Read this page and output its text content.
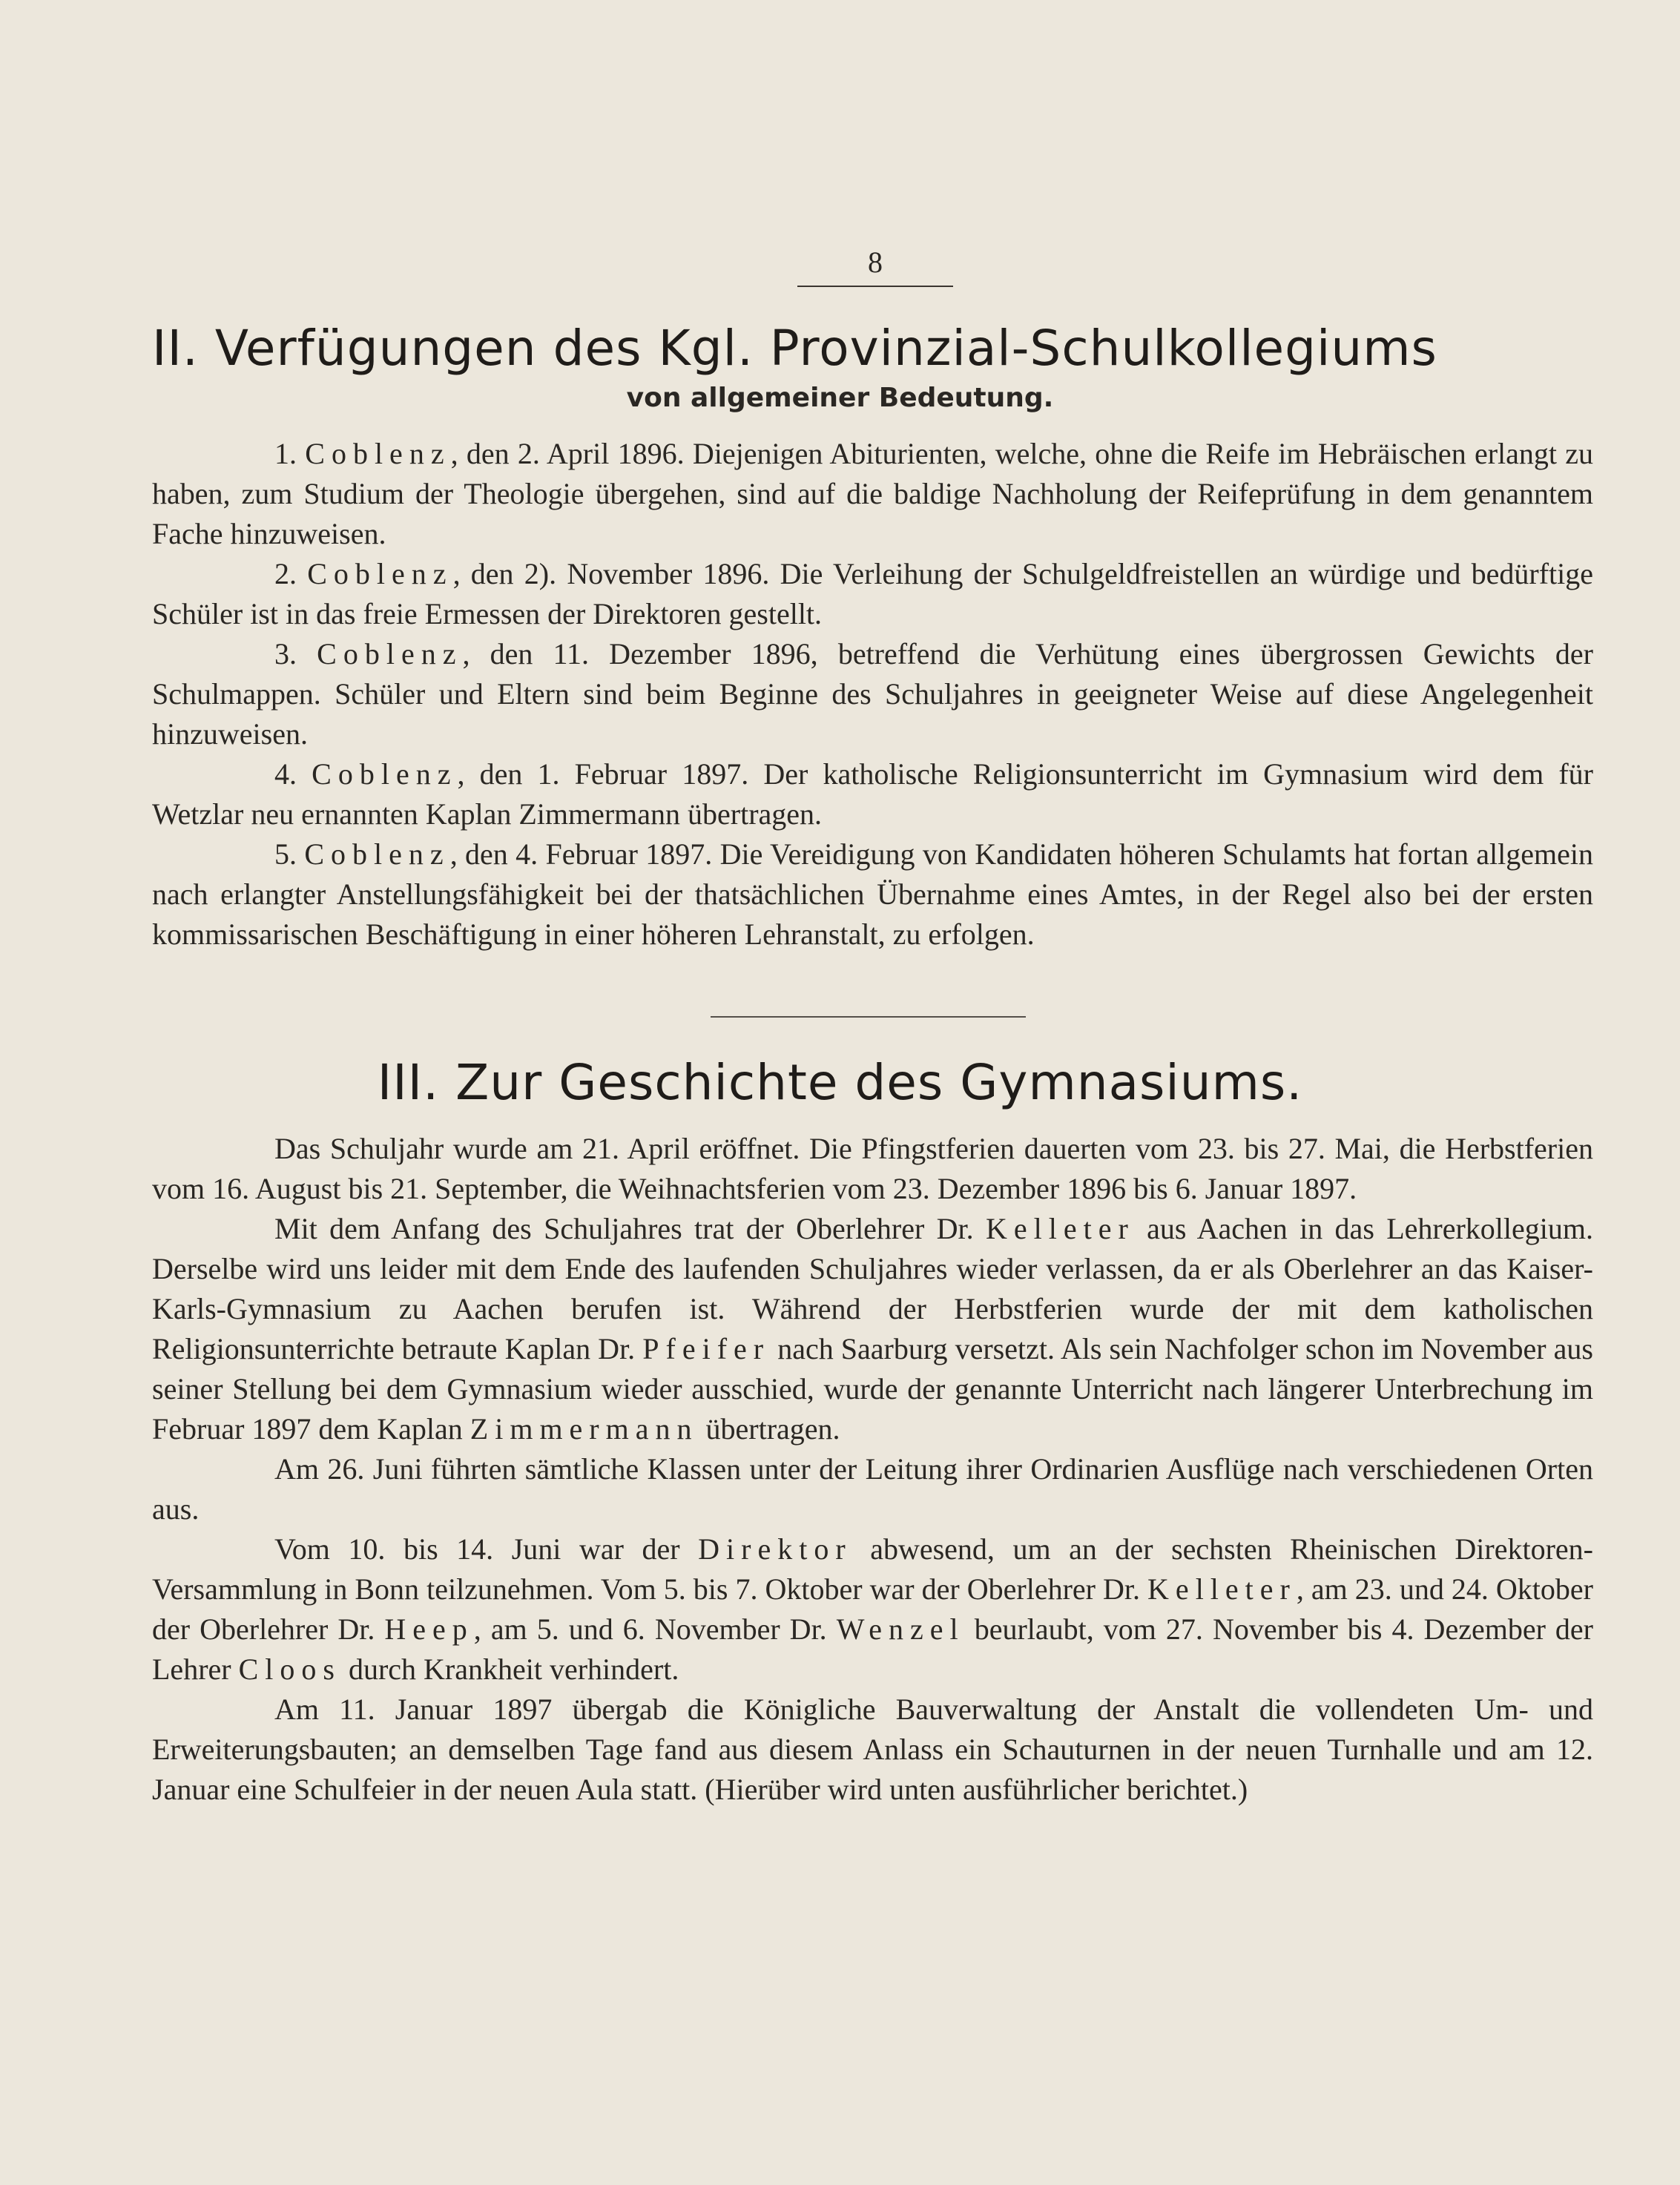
8
II. Verfügungen des Kgl. Provinzial-Schulkollegiums
von allgemeiner Bedeutung.

1. Coblenz, den 2. April 1896. Diejenigen Abiturienten, welche, ohne die Reife im Hebräischen erlangt zu haben, zum Studium der Theologie übergehen, sind auf die baldige Nachholung der Reifeprüfung in dem genanntem Fache hinzuweisen.

2. Coblenz, den 2). November 1896. Die Verleihung der Schulgeldfreistellen an würdige und bedürftige Schüler ist in das freie Ermessen der Direktoren gestellt.

3. Coblenz, den 11. Dezember 1896, betreffend die Verhütung eines übergrossen Gewichts der Schulmappen. Schüler und Eltern sind beim Beginne des Schuljahres in geeigneter Weise auf diese Angelegenheit hinzuweisen.

4. Coblenz, den 1. Februar 1897. Der katholische Religionsunterricht im Gymnasium wird dem für Wetzlar neu ernannten Kaplan Zimmermann übertragen.

5. Coblenz, den 4. Februar 1897. Die Vereidigung von Kandidaten höheren Schulamts hat fortan allgemein nach erlangter Anstellungsfähigkeit bei der thatsächlichen Übernahme eines Amtes, in der Regel also bei der ersten kommissarischen Beschäftigung in einer höheren Lehranstalt, zu erfolgen.

III. Zur Geschichte des Gymnasiums.

Das Schuljahr wurde am 21. April eröffnet. Die Pfingstferien dauerten vom 23. bis 27. Mai, die Herbstferien vom 16. August bis 21. September, die Weihnachtsferien vom 23. Dezember 1896 bis 6. Januar 1897.

Mit dem Anfang des Schuljahres trat der Oberlehrer Dr. Kelleter aus Aachen in das Lehrerkollegium. Derselbe wird uns leider mit dem Ende des laufenden Schuljahres wieder verlassen, da er als Oberlehrer an das Kaiser-Karls-Gymnasium zu Aachen berufen ist. Während der Herbstferien wurde der mit dem katholischen Religionsunterrichte betraute Kaplan Dr. Pfeifer nach Saarburg versetzt. Als sein Nachfolger schon im November aus seiner Stellung bei dem Gymnasium wieder ausschied, wurde der genannte Unterricht nach längerer Unterbrechung im Februar 1897 dem Kaplan Zimmermann übertragen.

Am 26. Juni führten sämtliche Klassen unter der Leitung ihrer Ordinarien Ausflüge nach verschiedenen Orten aus.

Vom 10. bis 14. Juni war der Direktor abwesend, um an der sechsten Rheinischen Direktoren-Versammlung in Bonn teilzunehmen. Vom 5. bis 7. Oktober war der Oberlehrer Dr. Kelleter, am 23. und 24. Oktober der Oberlehrer Dr. Heep, am 5. und 6. November Dr. Wenzel beurlaubt, vom 27. November bis 4. Dezember der Lehrer Cloos durch Krankheit verhindert.

Am 11. Januar 1897 übergab die Königliche Bauverwaltung der Anstalt die vollendeten Um- und Erweiterungsbauten; an demselben Tage fand aus diesem Anlass ein Schauturnen in der neuen Turnhalle und am 12. Januar eine Schulfeier in der neuen Aula statt. (Hierüber wird unten ausführlicher berichtet.)
